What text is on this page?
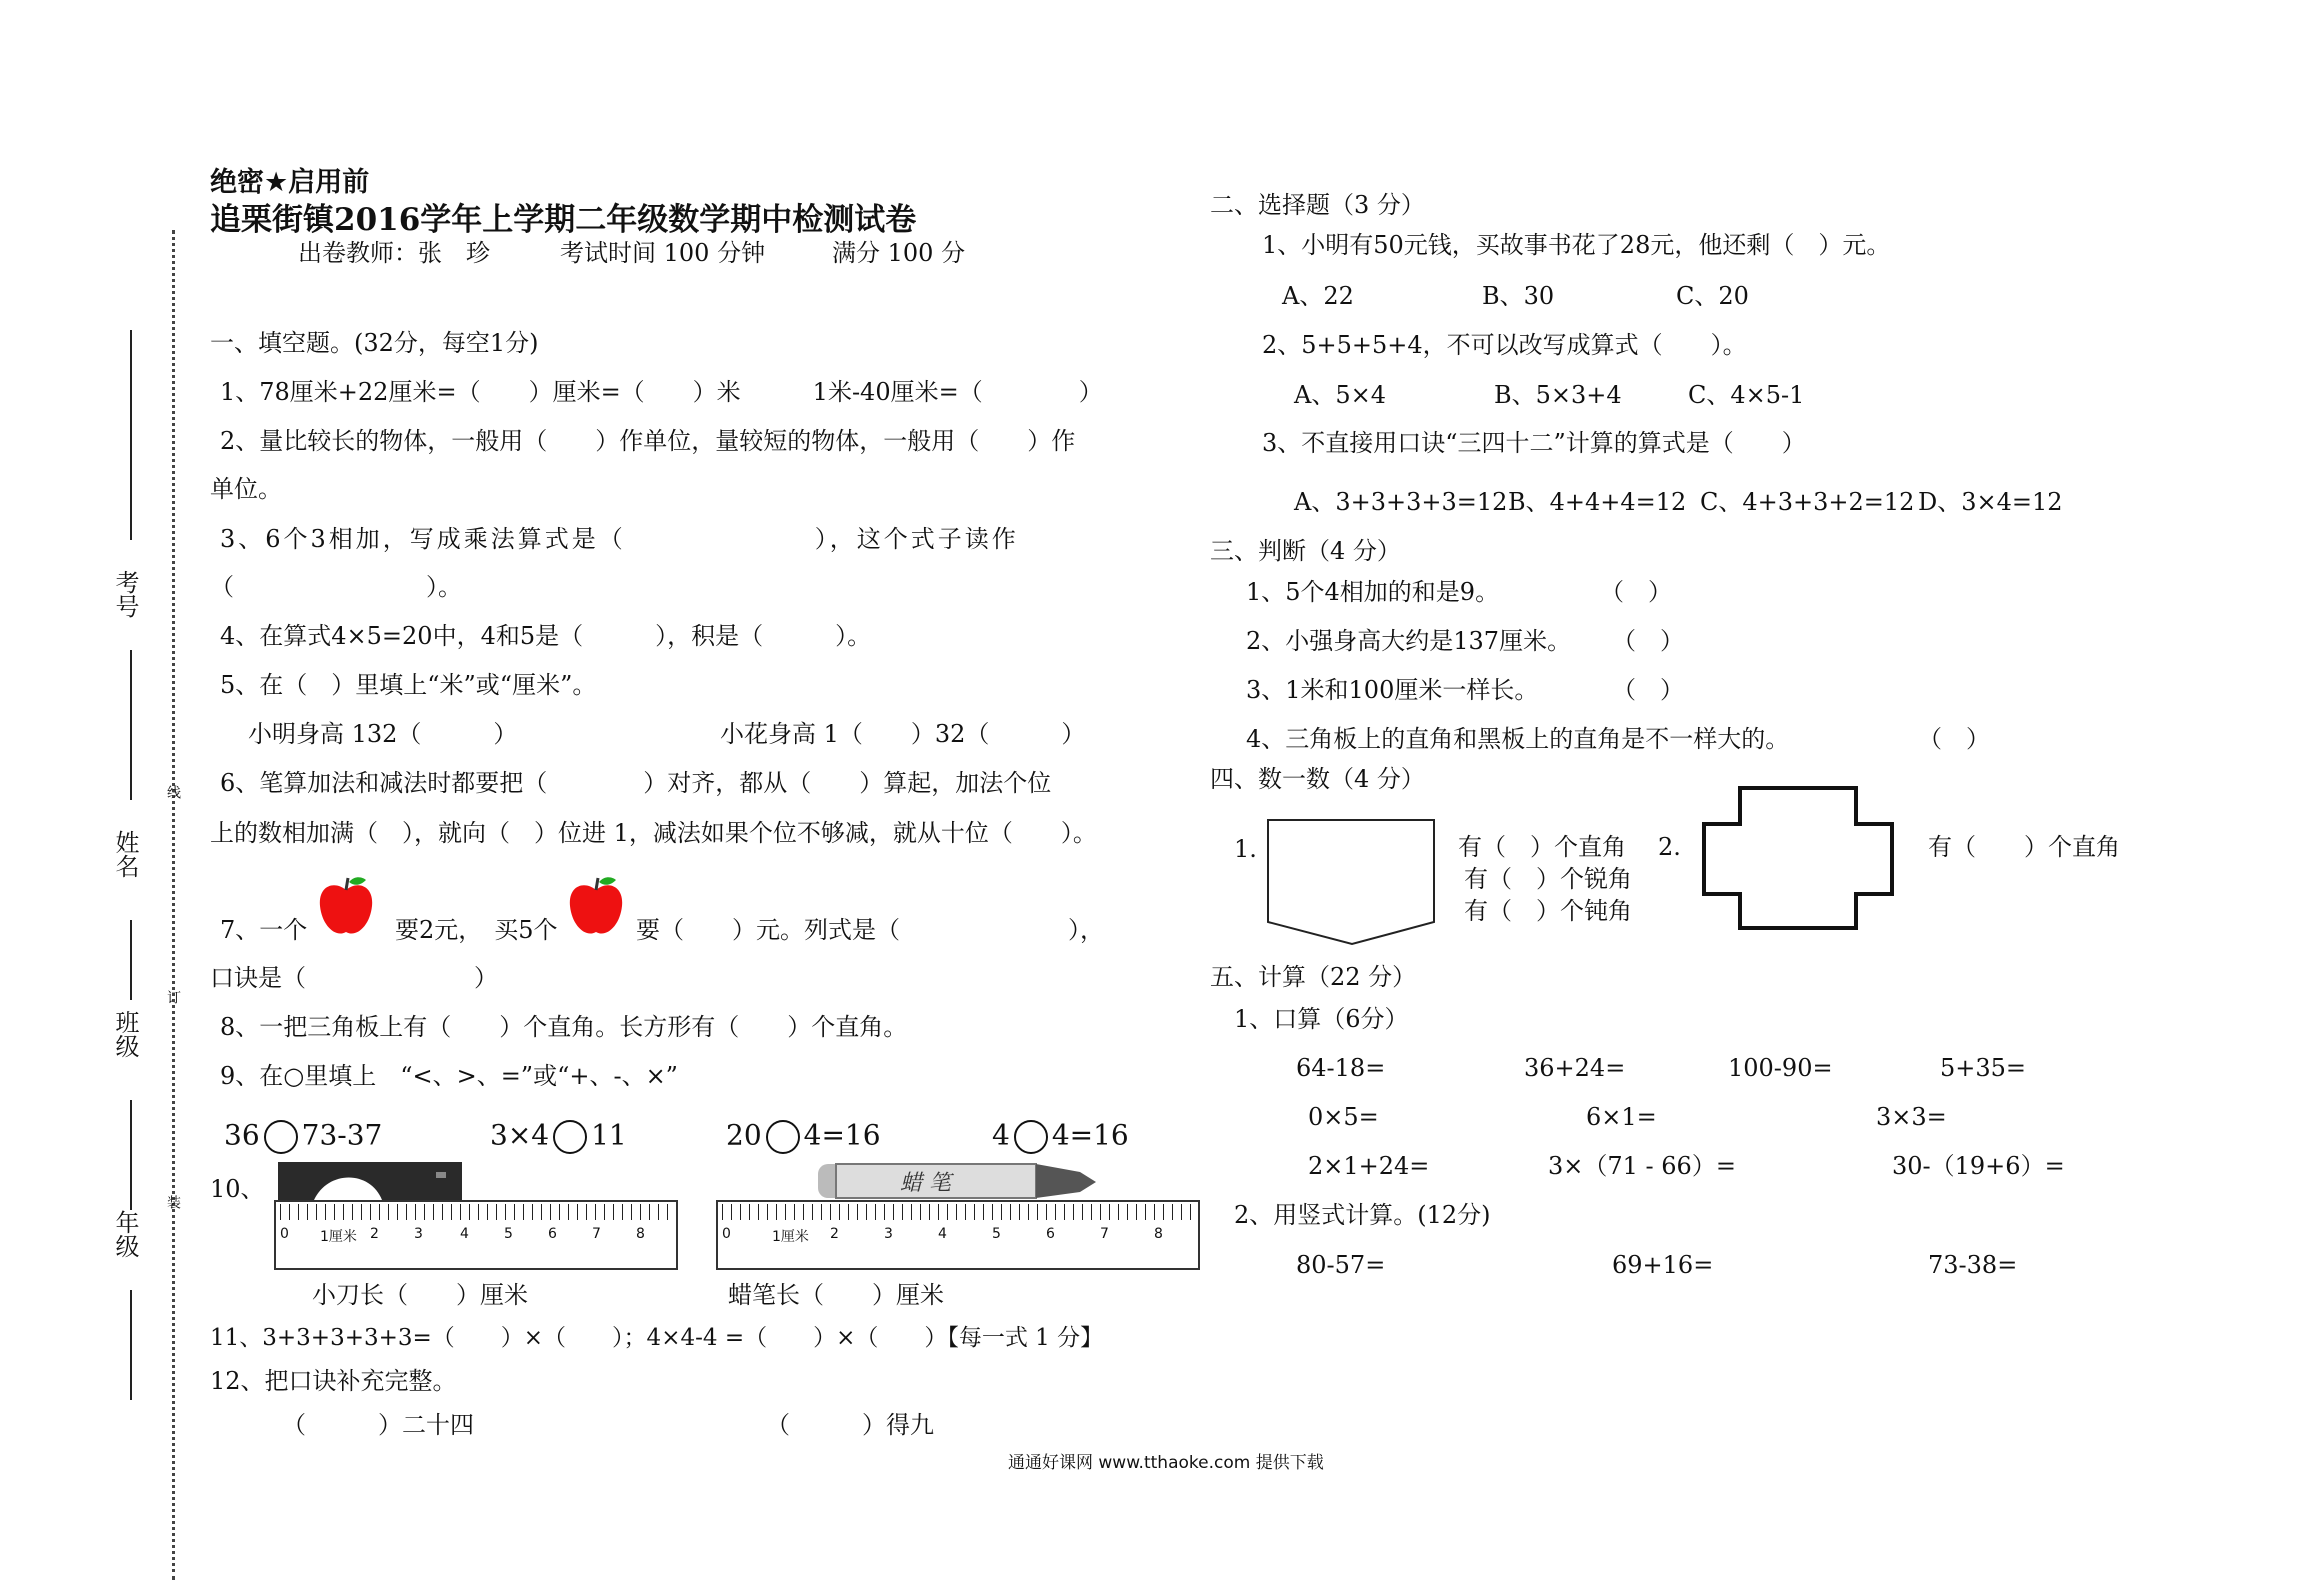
考号
姓名
班级
年级
线
订
装
绝密★启用前
追栗街镇2016学年上学期二年级数学期中检测试卷
出卷教师：张　珍	考试时间 100 分钟	满分 100 分
一、填空题。(32分，每空1分)
1、78厘米+22厘米=（　　）厘米=（　　）米　　　1米-40厘米=（　　　　）
2、量比较长的物体，一般用（　　）作单位，量较短的物体，一般用（　　）作
单位。
3、6个3相加，写成乘法算式是（　　　　　　　），这个式子读作
（　　　　　　　　）。
4、在算式4×5=20中，4和5是（　　　），积是（　　　）。
5、在（　）里填上“米”或“厘米”。
小明身高 132（　　　）	小花身高 1（　　）32（　　　）
6、笔算加法和减法时都要把（　　　　）对齐，都从（　　）算起，加法个位
上的数相加满（　），就向（　）位进 1，减法如果个位不够减，就从十位（　　）。
7、一个	要2元，　买5个	要（　　）元。列式是（　　　　　　　），
口诀是（　　　　　　　）
8、一把三角板上有（　　）个直角。长方形有（　　）个直角。
9、在○里填上　“<、>、=”或“+、-、×”
36 73-37	3×4 11	20 4=16	4 4=16
10、
0 1厘米 2	3	4	5	6	7	8
蜡 笔
0	1厘米 2	3	4	5	6	7	8
小刀长（　　）厘米	蜡笔长（　　）厘米
11、3+3+3+3+3=（　　）×（　　）；4×4-4 =（　　）×（　　）【每一式 1 分】
12、把口诀补充完整。
（　　　）二十四	（　　　）得九
二、选择题（3 分）
1、小明有50元钱，买故事书花了28元，他还剩（　）元。
A、22	B、30	C、20
2、5+5+5+4，不可以改写成算式（　　）。
A、5×4	B、5×3+4	C、4×5-1
3、不直接用口诀“三四十二”计算的算式是（　　）
A、3+3+3+3=12 B、4+4+4=12 C、4+3+3+2=12 D、3×4=12
三、判断（4 分）
1、5个4相加的和是9。	（　）
2、小强身高大约是137厘米。 （　）
3、1米和100厘米一样长。	（　）
4、三角板上的直角和黑板上的直角是不一样大的。	（　）
四、数一数（4 分）
1.	有（　）个直角
有（　）个锐角
有（　）个钝角
2.	有（　　）个直角
五、计算（22 分）
1、口算（6分）
64-18=	36+24=	100-90=	5+35=
0×5=	6×1=	3×3=
2×1+24=	3×（71 - 66）=	30-（19+6）=
2、用竖式计算。(12分)
80-57=	69+16=	73-38=
通通好课网 www.tthaoke.com 提供下载
